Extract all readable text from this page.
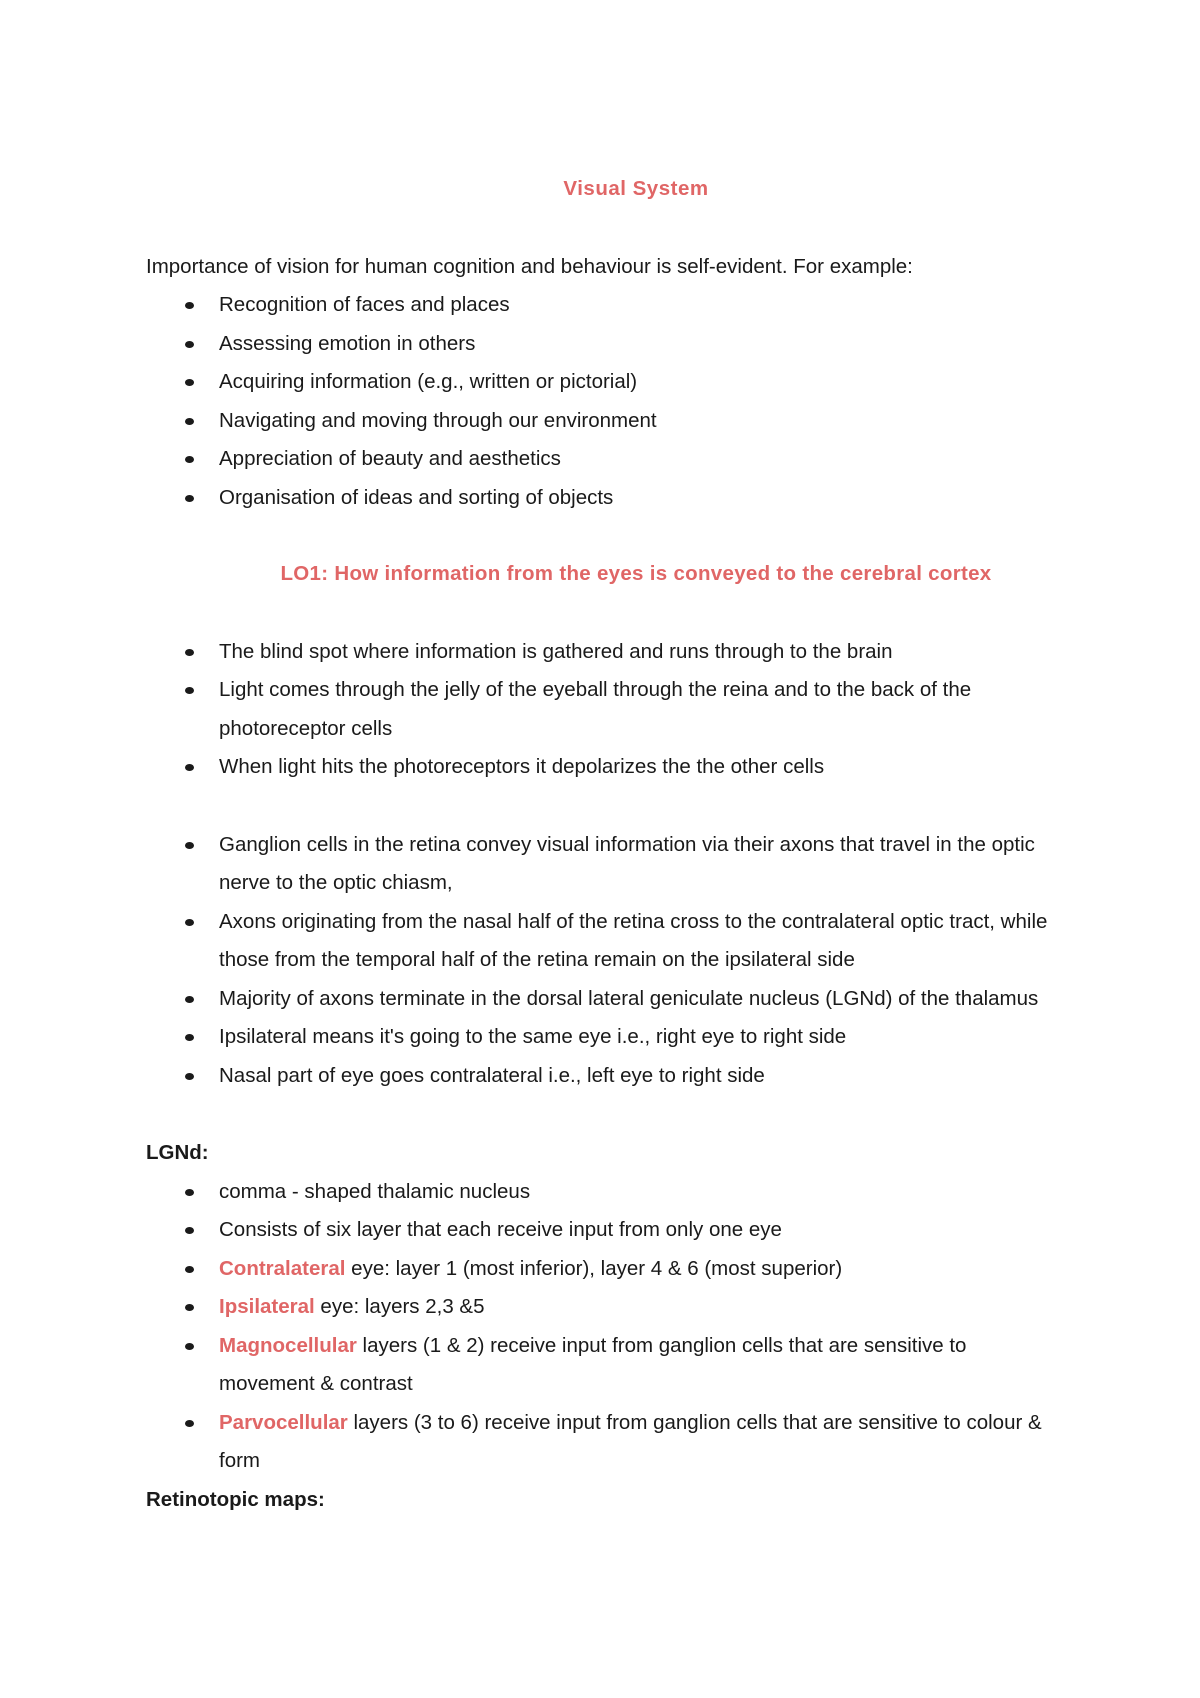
Visual System

Importance of vision for human cognition and behaviour is self-evident. For example:

Recognition of faces and places
Assessing emotion in others
Acquiring information (e.g., written or pictorial)
Navigating and moving through our environment
Appreciation of beauty and aesthetics
Organisation of ideas and sorting of objects
LO1: How information from the eyes is conveyed to the cerebral cortex
The blind spot where information is gathered and runs through to the brain
Light comes through the jelly of the eyeball through the reina and to the back of the photoreceptor cells
When light hits the photoreceptors it depolarizes the the other cells
Ganglion cells in the retina convey visual information via their axons that travel in the optic nerve to the optic chiasm,
Axons originating from the nasal half of the retina cross to the contralateral optic tract, while those from the temporal half of the retina remain on the ipsilateral side
Majority of axons terminate in the dorsal lateral geniculate nucleus (LGNd) of the thalamus
Ipsilateral means it's going to the same eye i.e., right eye to right side
Nasal part of eye goes contralateral i.e., left eye to right side
LGNd:
comma - shaped thalamic nucleus
Consists of six layer that each receive input from only one eye
Contralateral eye: layer 1 (most inferior), layer 4 & 6 (most superior)
Ipsilateral eye: layers 2,3 &5
Magnocellular layers (1 & 2) receive input from ganglion cells that are sensitive to movement & contrast
Parvocellular layers (3 to 6) receive input from ganglion cells that are sensitive to colour & form
Retinotopic maps:
